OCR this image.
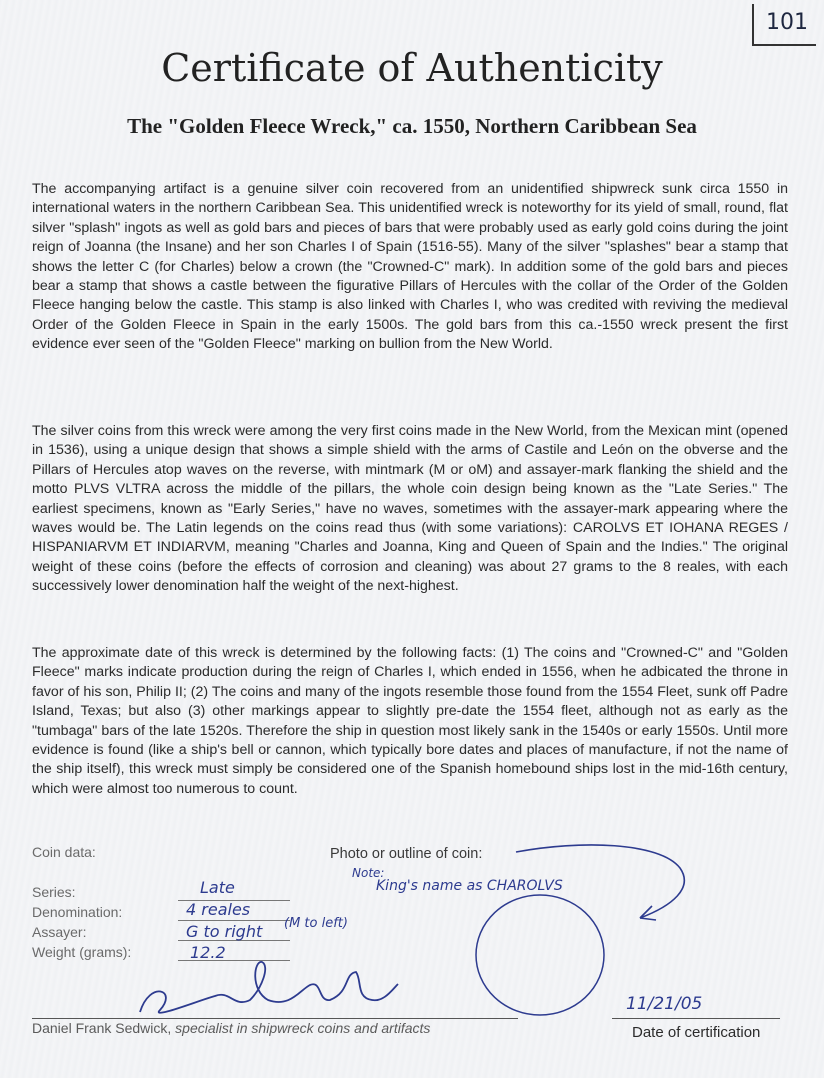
101
Certificate of Authenticity
The "Golden Fleece Wreck," ca. 1550, Northern Caribbean Sea

The accompanying artifact is a genuine silver coin recovered from an unidentified shipwreck sunk circa 1550 in international waters in the northern Caribbean Sea. This unidentified wreck is noteworthy for its yield of small, round, flat silver "splash" ingots as well as gold bars and pieces of bars that were probably used as early gold coins during the joint reign of Joanna (the Insane) and her son Charles I of Spain (1516-55). Many of the silver "splashes" bear a stamp that shows the letter C (for Charles) below a crown (the "Crowned-C" mark). In addition some of the gold bars and pieces bear a stamp that shows a castle between the figurative Pillars of Hercules with the collar of the Order of the Golden Fleece hanging below the castle. This stamp is also linked with Charles I, who was credited with reviving the medieval Order of the Golden Fleece in Spain in the early 1500s. The gold bars from this ca.-1550 wreck present the first evidence ever seen of the "Golden Fleece" marking on bullion from the New World.

The silver coins from this wreck were among the very first coins made in the New World, from the Mexican mint (opened in 1536), using a unique design that shows a simple shield with the arms of Castile and León on the obverse and the Pillars of Hercules atop waves on the reverse, with mintmark (M or oM) and assayer-mark flanking the shield and the motto PLVS VLTRA across the middle of the pillars, the whole coin design being known as the "Late Series." The earliest specimens, known as "Early Series," have no waves, sometimes with the assayer-mark appearing where the waves would be. The Latin legends on the coins read thus (with some variations): CAROLVS ET IOHANA REGES / HISPANIARVM ET INDIARVM, meaning "Charles and Joanna, King and Queen of Spain and the Indies." The original weight of these coins (before the effects of corrosion and cleaning) was about 27 grams to the 8 reales, with each successively lower denomination half the weight of the next-highest.

The approximate date of this wreck is determined by the following facts: (1) The coins and "Crowned-C" and "Golden Fleece" marks indicate production during the reign of Charles I, which ended in 1556, when he adbicated the throne in favor of his son, Philip II; (2) The coins and many of the ingots resemble those found from the 1554 Fleet, sunk off Padre Island, Texas; but also (3) other markings appear to slightly pre-date the 1554 fleet, although not as early as the "tumbaga" bars of the late 1520s. Therefore the ship in question most likely sank in the 1540s or early 1550s. Until more evidence is found (like a ship's bell or cannon, which typically bore dates and places of manufacture, if not the name of the ship itself), this wreck must simply be considered one of the Spanish homebound ships lost in the mid-16th century, which were almost too numerous to count.

Coin data:
Series:	Late
Denomination:	4 reales
Assayer:	G to right (M to left)
Weight (grams):	12.2
Photo or outline of coin:
Note:
King's name as CHAROLVS
11/21/05
Daniel Frank Sedwick, specialist in shipwreck coins and artifacts	Date of certification
